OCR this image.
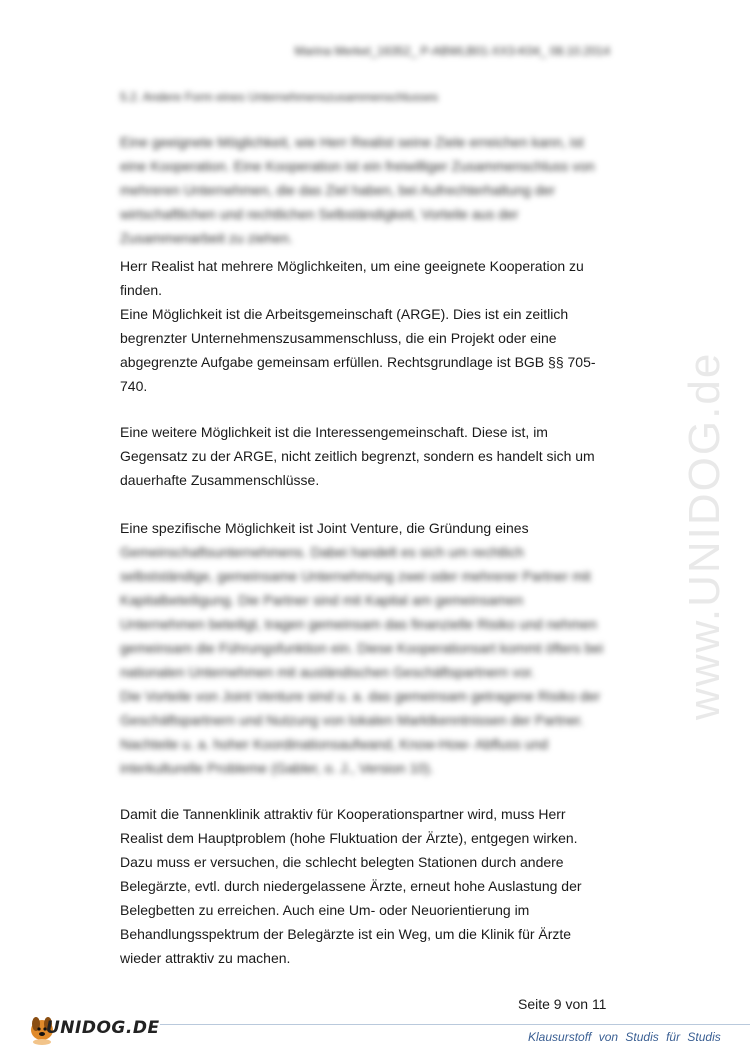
Marina Merkel_16352_ P-ABWLB01-XX3-K04_ 08.10.2014
5.2. Andere Form eines Unternehmenszusammenschlusses

Eine geeignete Möglichkeit, wie Herr Realist seine Ziele erreichen kann, ist
eine Kooperation. Eine Kooperation ist ein freiwilliger Zusammenschluss von
mehreren Unternehmen, die das Ziel haben, bei Aufrechterhaltung der
wirtschaftlichen und rechtlichen Selbständigkeit, Vorteile aus der
Zusammenarbeit zu ziehen.

Herr Realist hat mehrere Möglichkeiten, um eine geeignete Kooperation zu
finden.
Eine Möglichkeit ist die Arbeitsgemeinschaft (ARGE). Dies ist ein zeitlich
begrenzter Unternehmenszusammenschluss, die ein Projekt oder eine
abgegrenzte Aufgabe gemeinsam erfüllen. Rechtsgrundlage ist BGB §§ 705-
740.

Eine weitere Möglichkeit ist die Interessengemeinschaft. Diese ist, im
Gegensatz zu der ARGE, nicht zeitlich begrenzt, sondern es handelt sich um
dauerhafte Zusammenschlüsse.

Eine spezifische Möglichkeit ist Joint Venture, die Gründung eines

Gemeinschaftsunternehmens. Dabei handelt es sich um rechtlich
selbstständige, gemeinsame Unternehmung zwei oder mehrerer Partner mit
Kapitalbeteiligung. Die Partner sind mit Kapital am gemeinsamen
Unternehmen beteiligt, tragen gemeinsam das finanzielle Risiko und nehmen
gemeinsam die Führungsfunktion ein. Diese Kooperationsart kommt öfters bei
nationalen Unternehmen mit ausländischen Geschäftspartnern vor.
Die Vorteile von Joint Venture sind u. a. das gemeinsam getragene Risiko der
Geschäftspartnern und Nutzung von lokalen Marktkenntnissen der Partner.
Nachteile u. a. hoher Koordinationsaufwand, Know-How- Abfluss und
interkulturelle Probleme (Gabler, o. J., Version 10).

Damit die Tannenklinik attraktiv für Kooperationspartner wird, muss Herr
Realist dem Hauptproblem (hohe Fluktuation der Ärzte), entgegen wirken.
Dazu muss er versuchen, die schlecht belegten Stationen durch andere
Belegärzte, evtl. durch niedergelassene Ärzte, erneut hohe Auslastung der
Belegbetten zu erreichen. Auch eine Um- oder Neuorientierung im
Behandlungsspektrum der Belegärzte ist ein Weg, um die Klinik für Ärzte
wieder attraktiv zu machen.

www.UNIDOG.de
Seite 9 von 11
UNIDOG.DE	Klausurstoff von Studis für Studis
